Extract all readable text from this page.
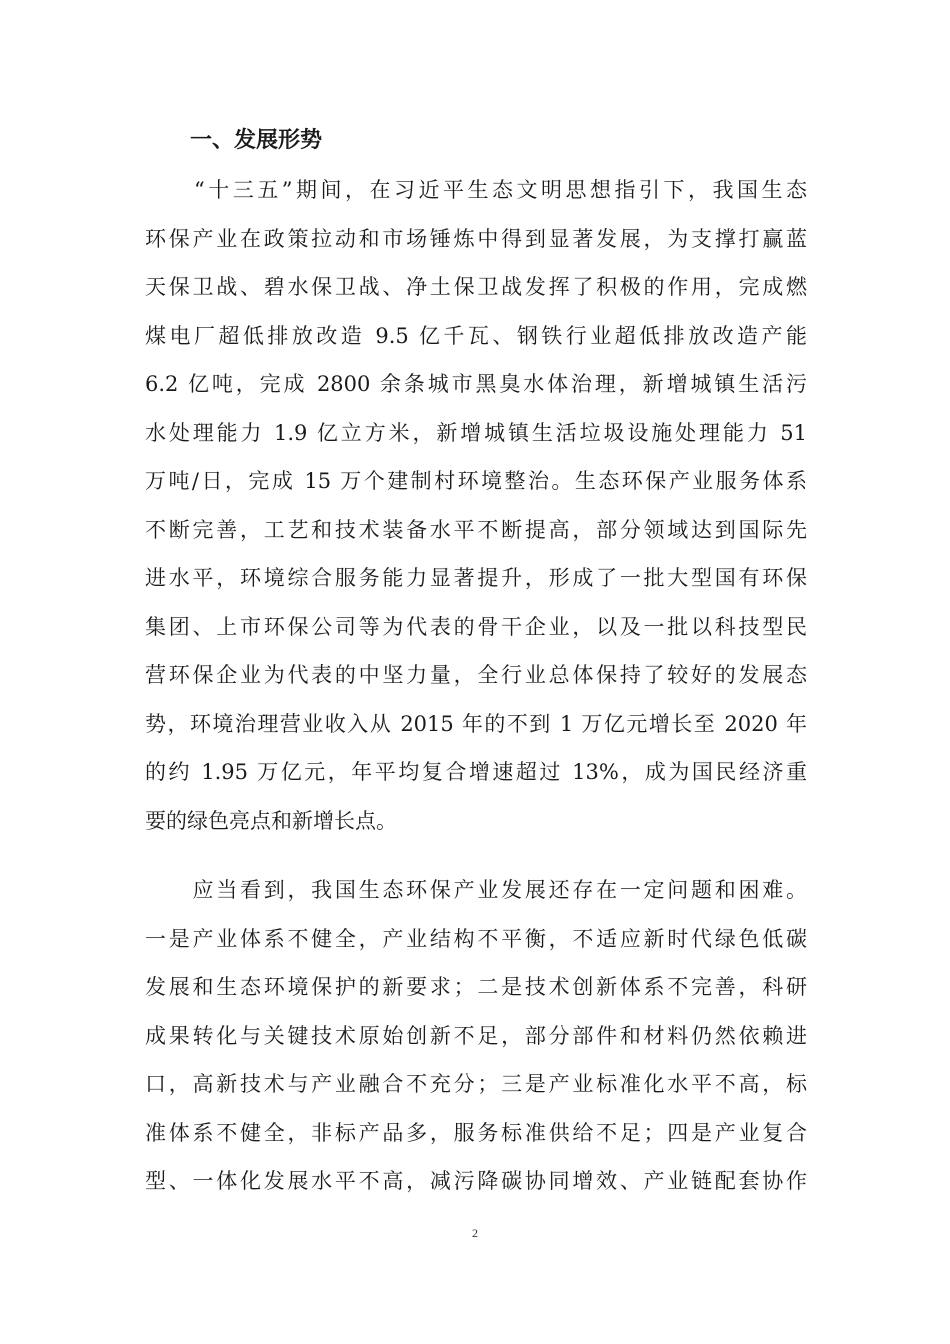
一、发展形势
　　“十三五”期间，在习近平生态文明思想指引下，我国生态
环保产业在政策拉动和市场锤炼中得到显著发展，为支撑打赢蓝
天保卫战、碧水保卫战、净土保卫战发挥了积极的作用，完成燃
煤电厂超低排放改造 9.5 亿千瓦、钢铁行业超低排放改造产能
6.2 亿吨，完成 2800 余条城市黑臭水体治理，新增城镇生活污
水处理能力 1.9 亿立方米，新增城镇生活垃圾设施处理能力 51
万吨/日，完成 15 万个建制村环境整治。生态环保产业服务体系
不断完善，工艺和技术装备水平不断提高，部分领域达到国际先
进水平，环境综合服务能力显著提升，形成了一批大型国有环保
集团、上市环保公司等为代表的骨干企业，以及一批以科技型民
营环保企业为代表的中坚力量，全行业总体保持了较好的发展态
势，环境治理营业收入从 2015 年的不到 1 万亿元增长至 2020 年
的约 1.95 万亿元，年平均复合增速超过 13%，成为国民经济重
要的绿色亮点和新增长点。
　　应当看到，我国生态环保产业发展还存在一定问题和困难。
一是产业体系不健全，产业结构不平衡，不适应新时代绿色低碳
发展和生态环境保护的新要求；二是技术创新体系不完善，科研
成果转化与关键技术原始创新不足，部分部件和材料仍然依赖进
口，高新技术与产业融合不充分；三是产业标准化水平不高，标
准体系不健全，非标产品多，服务标准供给不足；四是产业复合
型、一体化发展水平不高，减污降碳协同增效、产业链配套协作
2
